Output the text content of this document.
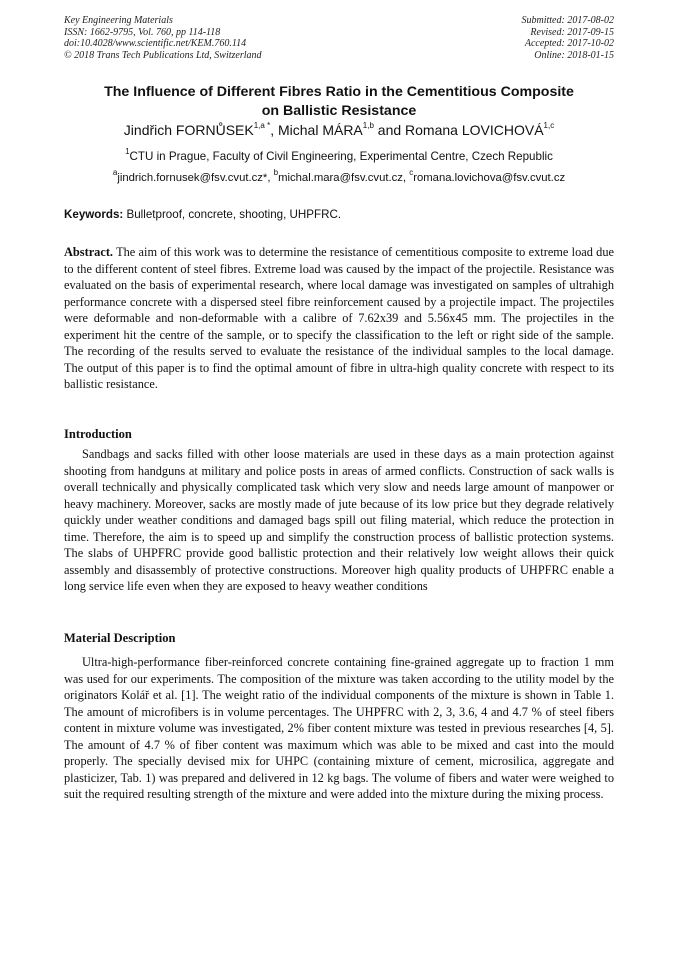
Key Engineering Materials
ISSN: 1662-9795, Vol. 760, pp 114-118
doi:10.4028/www.scientific.net/KEM.760.114
© 2018 Trans Tech Publications Ltd, Switzerland
Submitted: 2017-08-02
Revised: 2017-09-15
Accepted: 2017-10-02
Online: 2018-01-15
The Influence of Different Fibres Ratio in the Cementitious Composite
on Ballistic Resistance
Jindřich $FORNŮSEK^{1,a *}$, Michal MÁRA$^{1,b}$ and Romana LOVICHOVÁ$^{1,c}$
$^1$CTU in Prague, Faculty of Civil Engineering, Experimental Centre, Czech Republic
$^a$jindrich.fornusek@fsv.cvut.cz*, $^b$michal.mara@fsv.cvut.cz, $^c$romana.lovichova@fsv.cvut.cz
Keywords: Bulletproof, concrete, shooting, UHPFRC.
Abstract. The aim of this work was to determine the resistance of cementitious composite to extreme load due to the different content of steel fibres. Extreme load was caused by the impact of the projectile. Resistance was evaluated on the basis of experimental research, where local damage was investigated on samples of ultrahigh performance concrete with a dispersed steel fibre reinforcement caused by a projectile impact. The projectiles were deformable and non-deformable with a calibre of 7.62x39 and 5.56x45 mm. The projectiles in the experiment hit the centre of the sample, or to specify the classification to the left or right side of the sample. The recording of the results served to evaluate the resistance of the individual samples to the local damage. The output of this paper is to find the optimal amount of fibre in ultra-high quality concrete with respect to its ballistic resistance.
Introduction
Sandbags and sacks filled with other loose materials are used in these days as a main protection against shooting from handguns at military and police posts in areas of armed conflicts. Construction of sack walls is overall technically and physically complicated task which very slow and needs large amount of manpower or heavy machinery. Moreover, sacks are mostly made of jute because of its low price but they degrade relatively quickly under weather conditions and damaged bags spill out filing material, which reduce the protection in time. Therefore, the aim is to speed up and simplify the construction process of ballistic protection systems. The slabs of UHPFRC provide good ballistic protection and their relatively low weight allows their quick assembly and disassembly of protective constructions. Moreover high quality products of UHPFRC enable a long service life even when they are exposed to heavy weather conditions
Material Description
Ultra-high-performance fiber-reinforced concrete containing fine-grained aggregate up to fraction 1 mm was used for our experiments. The composition of the mixture was taken according to the utility model by the originators Kolář et al. [1]. The weight ratio of the individual components of the mixture is shown in Table 1. The amount of microfibers is in volume percentages. The UHPFRC with 2, 3, 3.6, 4 and 4.7 % of steel fibers content in mixture volume was investigated, 2% fiber content mixture was tested in previous researches [4, 5]. The amount of 4.7 % of fiber content was maximum which was able to be mixed and cast into the mould properly. The specially devised mix for UHPC (containing mixture of cement, microsilica, aggregate and plasticizer, Tab. 1) was prepared and delivered in 12 kg bags. The volume of fibers and water were weighed to suit the required resulting strength of the mixture and were added into the mixture during the mixing process.
